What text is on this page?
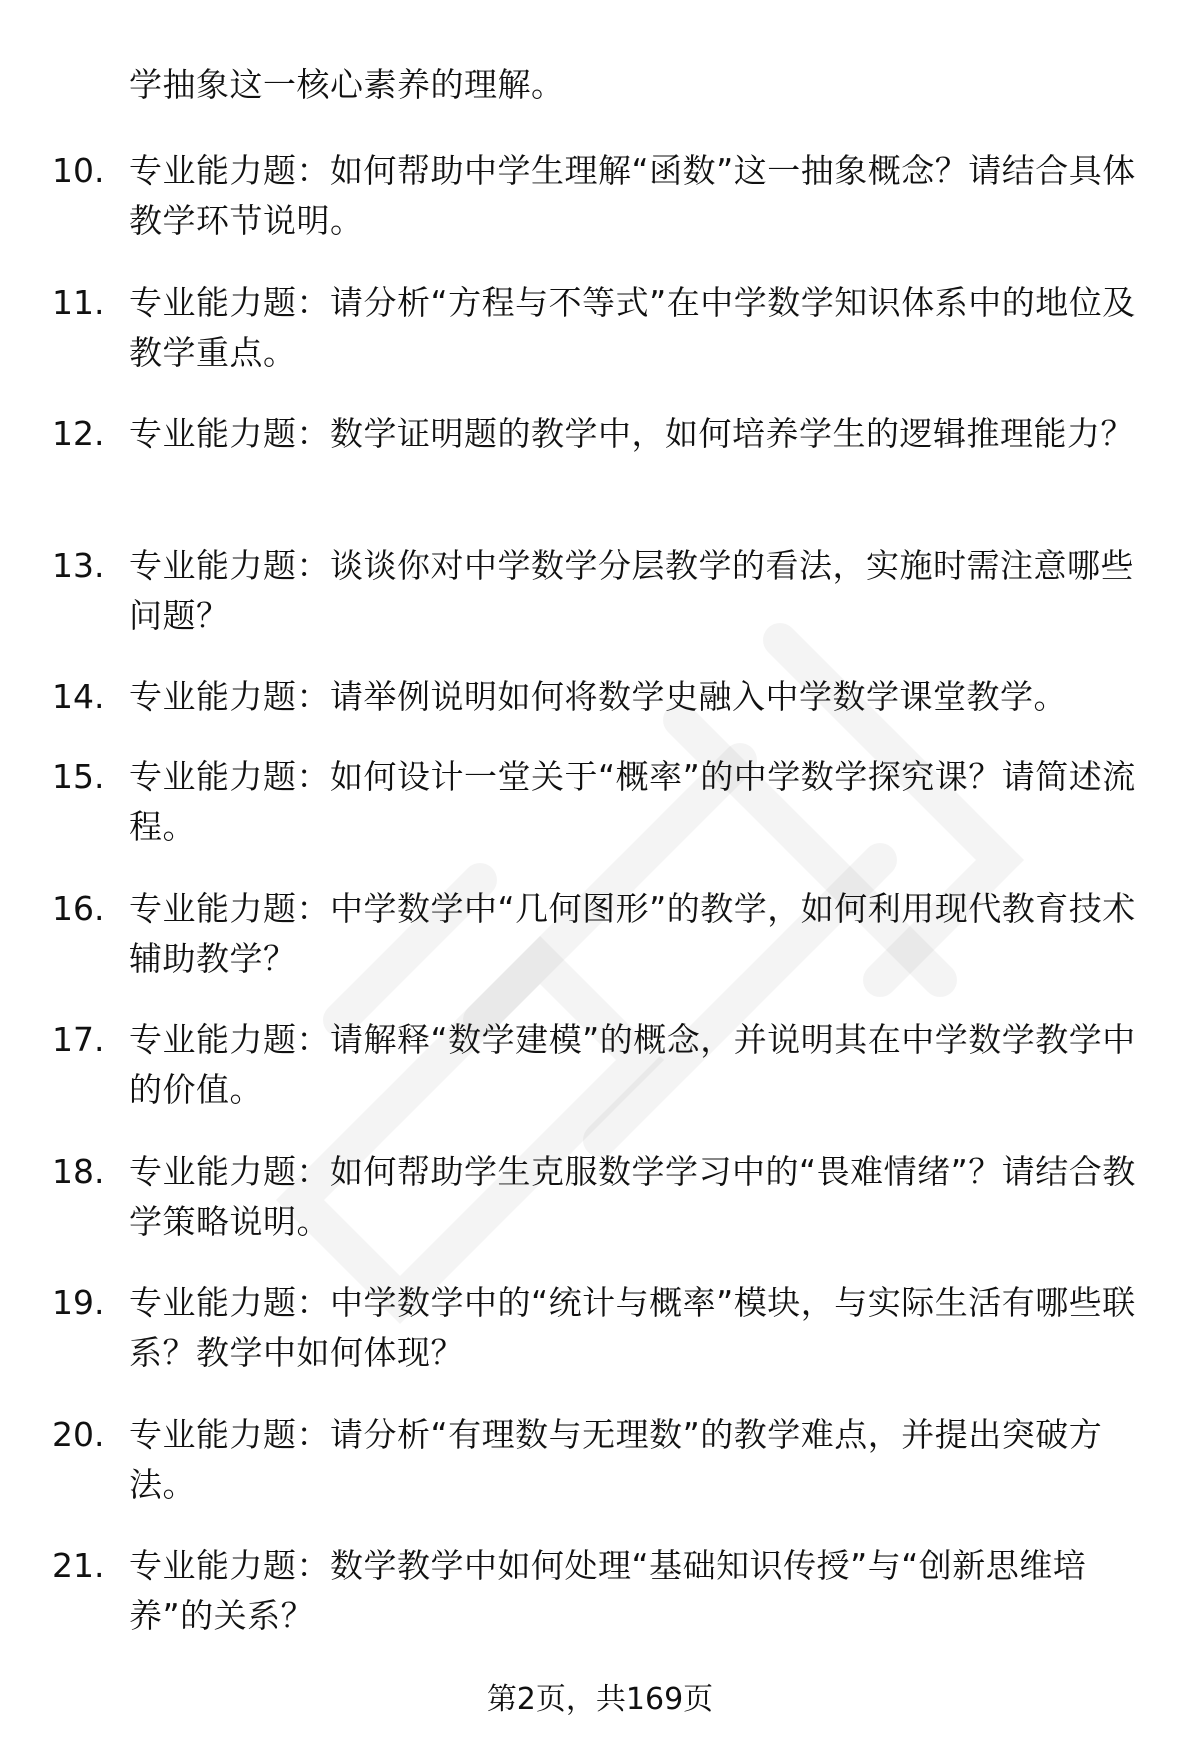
学抽象这一核心素养的理解。
10. 专业能力题：如何帮助中学生理解“函数”这一抽象概念？请结合具体教学环节说明。
11. 专业能力题：请分析“方程与不等式”在中学数学知识体系中的地位及教学重点。
12. 专业能力题：数学证明题的教学中，如何培养学生的逻辑推理能力？
13. 专业能力题：谈谈你对中学数学分层教学的看法，实施时需注意哪些问题？
14. 专业能力题：请举例说明如何将数学史融入中学数学课堂教学。
15. 专业能力题：如何设计一堂关于“概率”的中学数学探究课？请简述流程。
16. 专业能力题：中学数学中“几何图形”的教学，如何利用现代教育技术辅助教学？
17. 专业能力题：请解释“数学建模”的概念，并说明其在中学数学教学中的价值。
18. 专业能力题：如何帮助学生克服数学学习中的“畏难情绪”？请结合教学策略说明。
19. 专业能力题：中学数学中的“统计与概率”模块，与实际生活有哪些联系？教学中如何体现？
20. 专业能力题：请分析“有理数与无理数”的教学难点，并提出突破方法。
21. 专业能力题：数学教学中如何处理“基础知识传授”与“创新思维培养”的关系？
第2页，共169页
